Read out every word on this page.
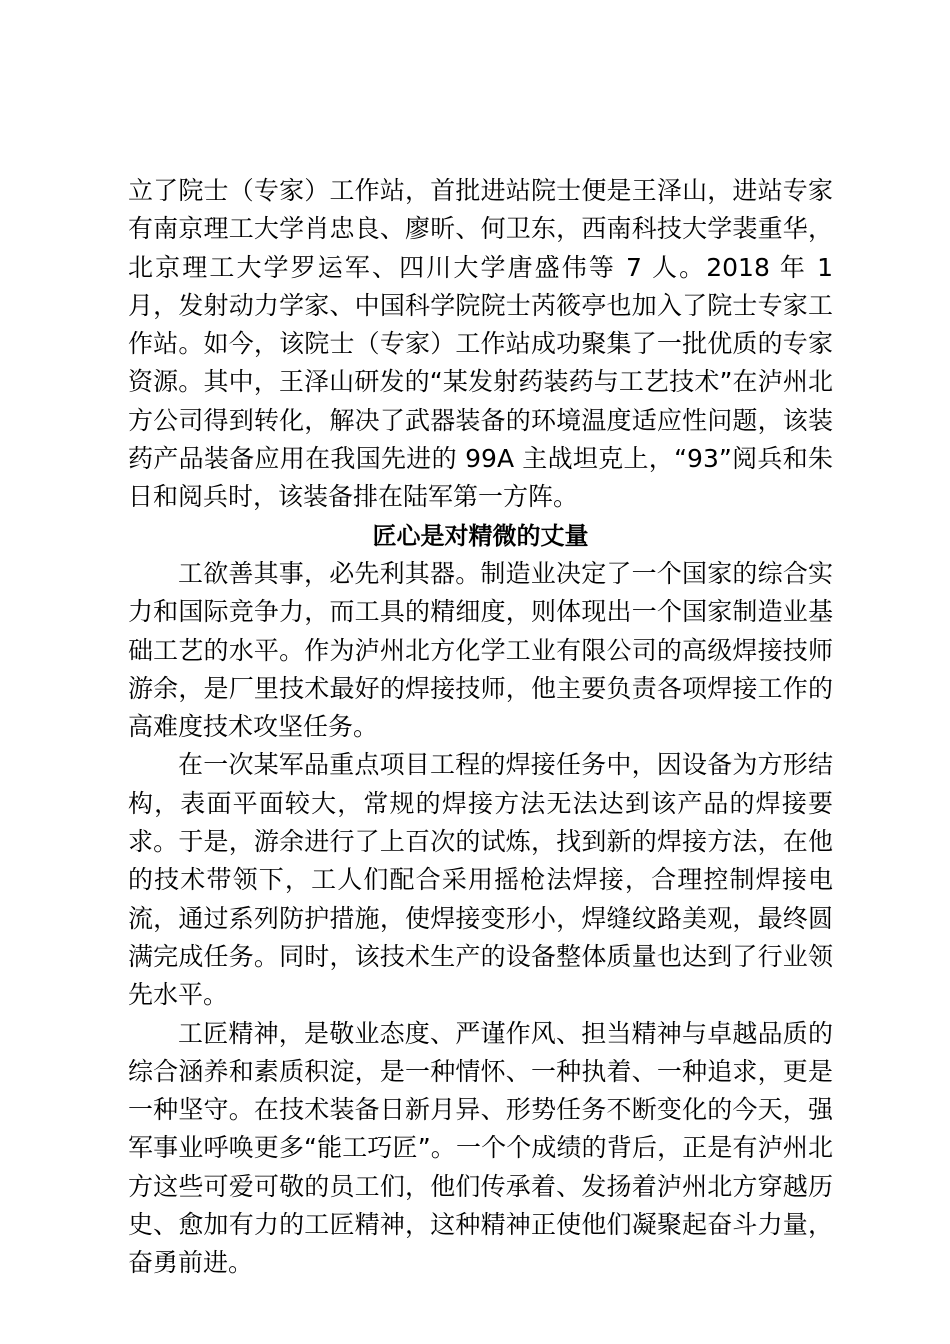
立了院士（专家）工作站，首批进站院士便是王泽山，进站专家有南京理工大学肖忠良、廖昕、何卫东，西南科技大学裴重华，北京理工大学罗运军、四川大学唐盛伟等 7 人。2018 年 1 月，发射动力学家、中国科学院院士芮筱亭也加入了院士专家工作站。如今，该院士（专家）工作站成功聚集了一批优质的专家资源。其中，王泽山研发的“某发射药装药与工艺技术”在泸州北方公司得到转化，解决了武器装备的环境温度适应性问题，该装药产品装备应用在我国先进的 99A 主战坦克上，“93”阅兵和朱日和阅兵时，该装备排在陆军第一方阵。

匠心是对精微的丈量

工欲善其事，必先利其器。制造业决定了一个国家的综合实力和国际竞争力，而工具的精细度，则体现出一个国家制造业基础工艺的水平。作为泸州北方化学工业有限公司的高级焊接技师游余，是厂里技术最好的焊接技师，他主要负责各项焊接工作的高难度技术攻坚任务。

在一次某军品重点项目工程的焊接任务中，因设备为方形结构，表面平面较大，常规的焊接方法无法达到该产品的焊接要求。于是，游余进行了上百次的试炼，找到新的焊接方法，在他的技术带领下，工人们配合采用摇枪法焊接，合理控制焊接电流，通过系列防护措施，使焊接变形小，焊缝纹路美观，最终圆满完成任务。同时，该技术生产的设备整体质量也达到了行业领先水平。

工匠精神，是敬业态度、严谨作风、担当精神与卓越品质的综合涵养和素质积淀，是一种情怀、一种执着、一种追求，更是一种坚守。在技术装备日新月异、形势任务不断变化的今天，强军事业呼唤更多“能工巧匠”。一个个成绩的背后，正是有泸州北方这些可爱可敬的员工们，他们传承着、发扬着泸州北方穿越历史、愈加有力的工匠精神，这种精神正使他们凝聚起奋斗力量，奋勇前进。
